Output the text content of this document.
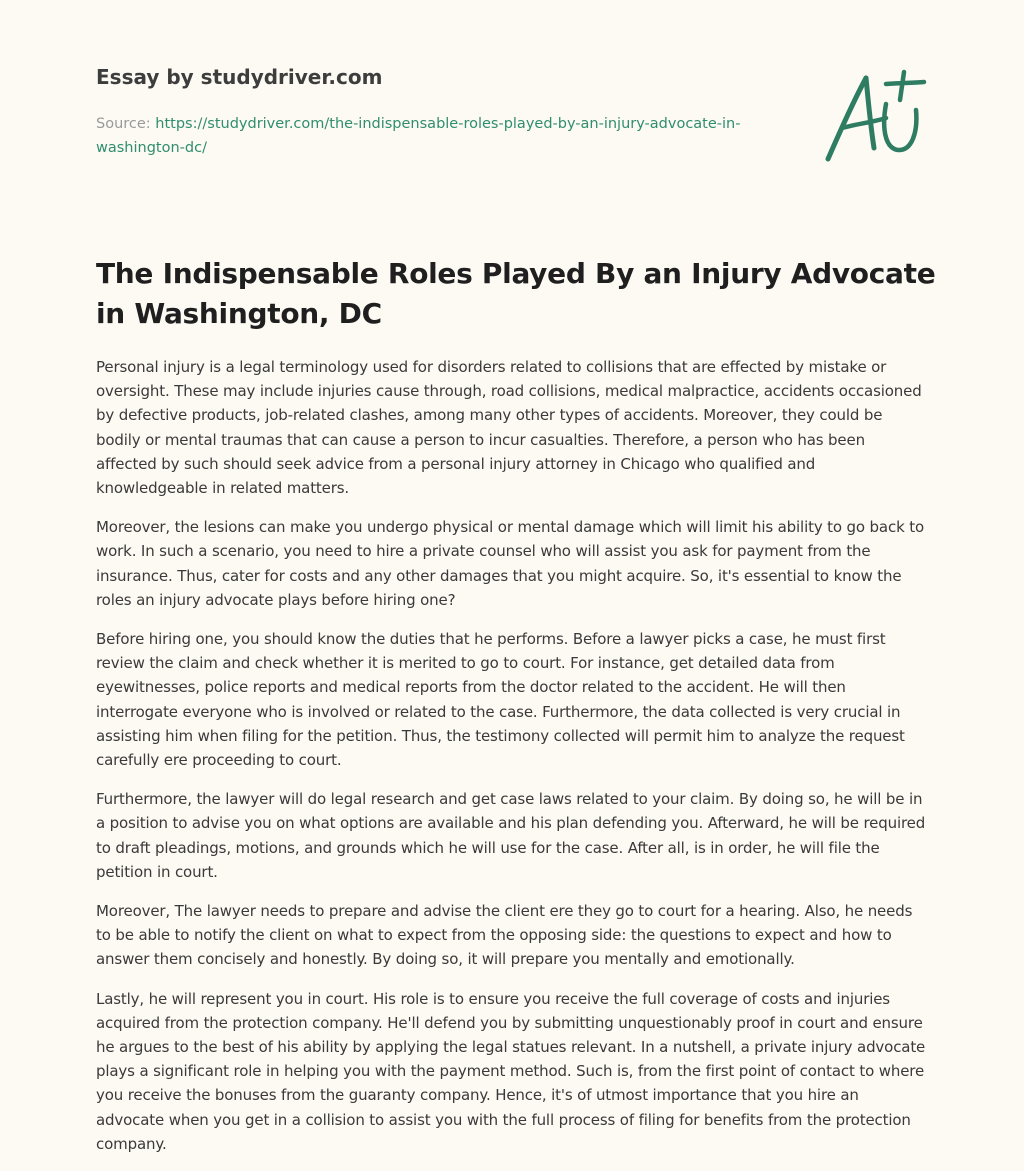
Essay by studydriver.com
Source: https://studydriver.com/the-indispensable-roles-played-by-an-injury-advocate-in-washington-dc/
The Indispensable Roles Played By an Injury Advocate in Washington, DC

Personal injury is a legal terminology used for disorders related to collisions that are effected by mistake or oversight. These may include injuries cause through, road collisions, medical malpractice, accidents occasioned by defective products, job-related clashes, among many other types of accidents. Moreover, they could be bodily or mental traumas that can cause a person to incur casualties. Therefore, a person who has been affected by such should seek advice from a personal injury attorney in Chicago who qualified and knowledgeable in related matters.

Moreover, the lesions can make you undergo physical or mental damage which will limit his ability to go back to work. In such a scenario, you need to hire a private counsel who will assist you ask for payment from the insurance. Thus, cater for costs and any other damages that you might acquire. So, it's essential to know the roles an injury advocate plays before hiring one?

Before hiring one, you should know the duties that he performs. Before a lawyer picks a case, he must first review the claim and check whether it is merited to go to court. For instance, get detailed data from eyewitnesses, police reports and medical reports from the doctor related to the accident. He will then interrogate everyone who is involved or related to the case. Furthermore, the data collected is very crucial in assisting him when filing for the petition. Thus, the testimony collected will permit him to analyze the request carefully ere proceeding to court.

Furthermore, the lawyer will do legal research and get case laws related to your claim. By doing so, he will be in a position to advise you on what options are available and his plan defending you. Afterward, he will be required to draft pleadings, motions, and grounds which he will use for the case. After all, is in order, he will file the petition in court.

Moreover, The lawyer needs to prepare and advise the client ere they go to court for a hearing. Also, he needs to be able to notify the client on what to expect from the opposing side: the questions to expect and how to answer them concisely and honestly. By doing so, it will prepare you mentally and emotionally.

Lastly, he will represent you in court. His role is to ensure you receive the full coverage of costs and injuries acquired from the protection company. He'll defend you by submitting unquestionably proof in court and ensure he argues to the best of his ability by applying the legal statues relevant. In a nutshell, a private injury advocate plays a significant role in helping you with the payment method. Such is, from the first point of contact to where you receive the bonuses from the guaranty company. Hence, it's of utmost importance that you hire an advocate when you get in a collision to assist you with the full process of filing for benefits from the protection company.
